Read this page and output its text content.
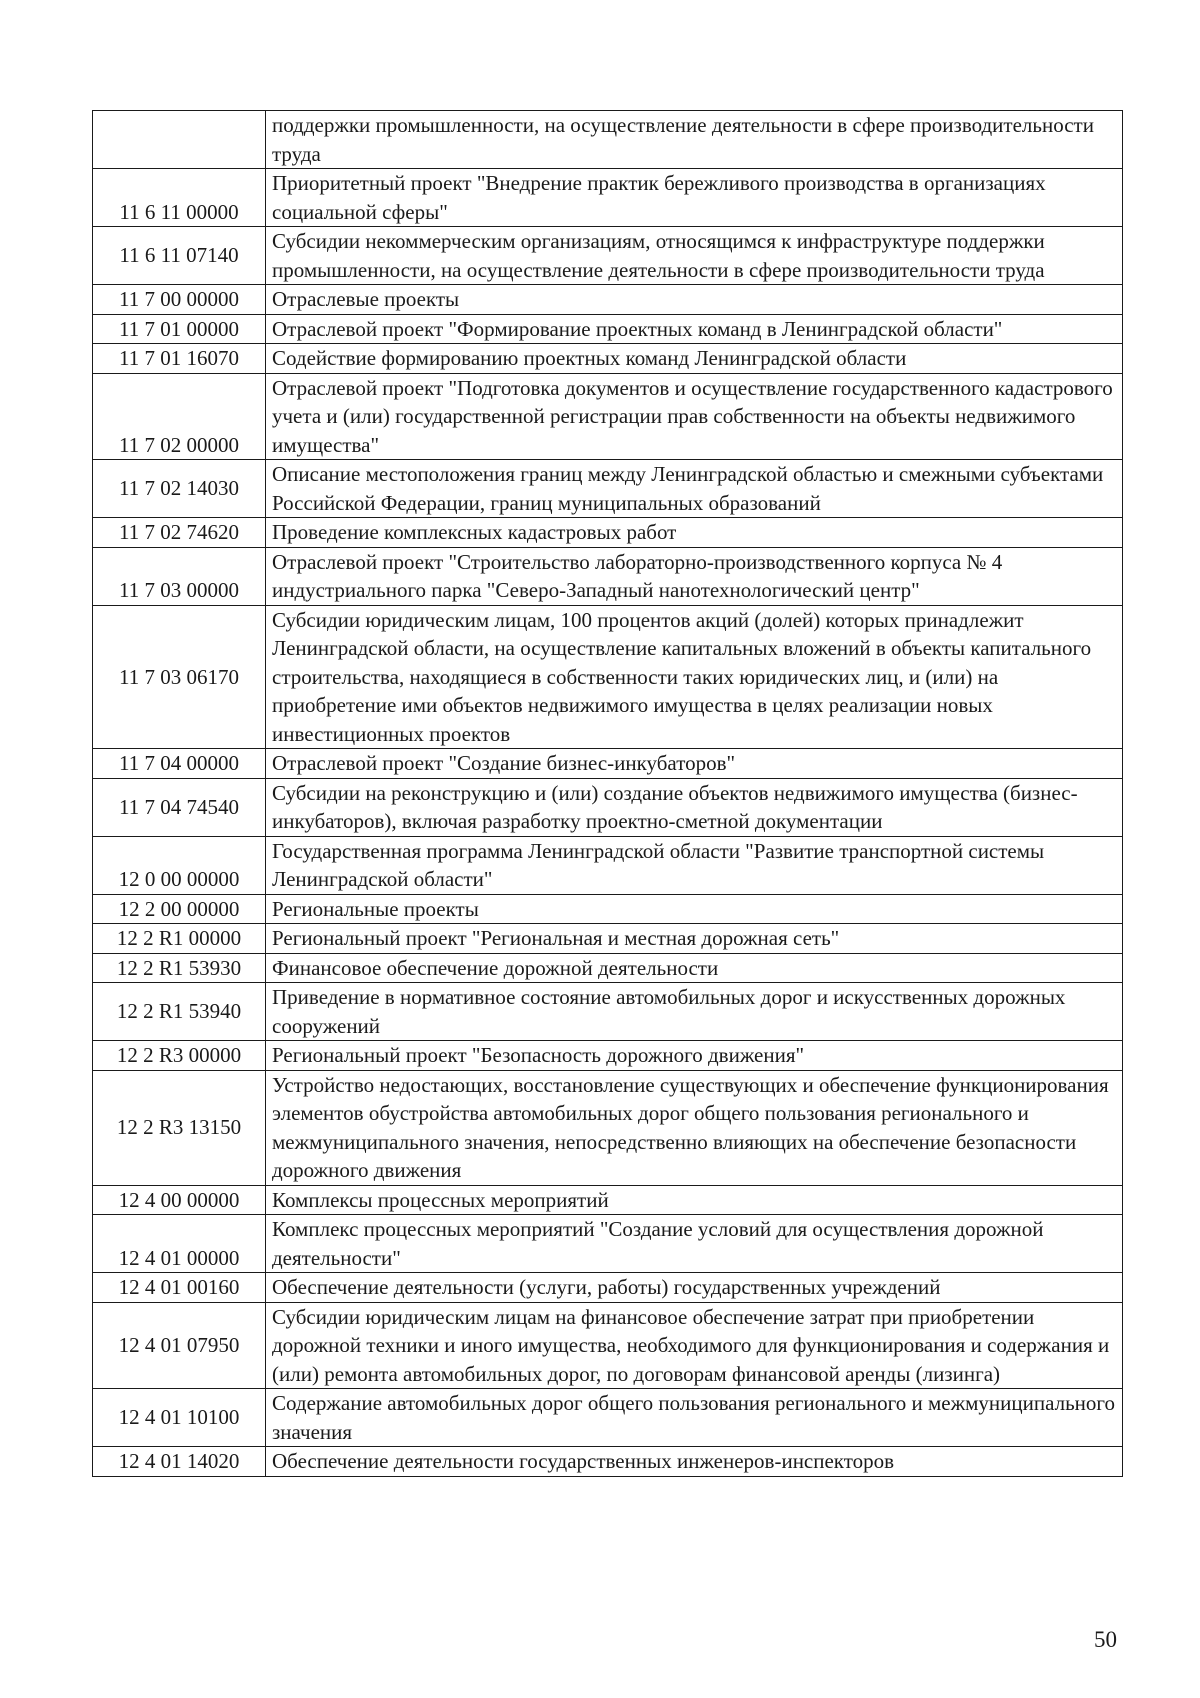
	поддержки промышленности, на осуществление деятельности в сфере производительности труда
11 6 11 00000	Приоритетный проект "Внедрение практик бережливого производства в организациях социальной сферы"
11 6 11 07140	Субсидии некоммерческим организациям, относящимся к инфраструктуре поддержки промышленности, на осуществление деятельности в сфере производительности труда
11 7 00 00000	Отраслевые проекты
11 7 01 00000	Отраслевой проект "Формирование проектных команд в Ленинградской области"
11 7 01 16070	Содействие формированию проектных команд Ленинградской области
11 7 02 00000	Отраслевой проект "Подготовка документов и осуществление государственного кадастрового учета и (или) государственной регистрации прав собственности на объекты недвижимого имущества"
11 7 02 14030	Описание местоположения границ между Ленинградской областью и смежными субъектами Российской Федерации, границ муниципальных образований
11 7 02 74620	Проведение комплексных кадастровых работ
11 7 03 00000	Отраслевой проект "Строительство лабораторно-производственного корпуса № 4 индустриального парка "Северо-Западный нанотехнологический центр"
11 7 03 06170	Субсидии юридическим лицам, 100 процентов акций (долей) которых принадлежит Ленинградской области, на осуществление капитальных вложений в объекты капитального строительства, находящиеся в собственности таких юридических лиц, и (или) на приобретение ими объектов недвижимого имущества в целях реализации новых инвестиционных проектов
11 7 04 00000	Отраслевой проект "Создание бизнес-инкубаторов"
11 7 04 74540	Субсидии на реконструкцию и (или) создание объектов недвижимого имущества (бизнес-инкубаторов), включая разработку проектно-сметной документации
12 0 00 00000	Государственная программа Ленинградской области "Развитие транспортной системы Ленинградской области"
12 2 00 00000	Региональные проекты
12 2 R1 00000	Региональный проект "Региональная и местная дорожная сеть"
12 2 R1 53930	Финансовое обеспечение дорожной деятельности
12 2 R1 53940	Приведение в нормативное состояние автомобильных дорог и искусственных дорожных сооружений
12 2 R3 00000	Региональный проект "Безопасность дорожного движения"
12 2 R3 13150	Устройство недостающих, восстановление существующих и обеспечение функционирования элементов обустройства автомобильных дорог общего пользования регионального и межмуниципального значения, непосредственно влияющих на обеспечение безопасности дорожного движения
12 4 00 00000	Комплексы процессных мероприятий
12 4 01 00000	Комплекс процессных мероприятий "Создание условий для осуществления дорожной деятельности"
12 4 01 00160	Обеспечение деятельности (услуги, работы) государственных учреждений
12 4 01 07950	Субсидии юридическим лицам на финансовое обеспечение затрат при приобретении дорожной техники и иного имущества, необходимого для функционирования и содержания и (или) ремонта автомобильных дорог, по договорам финансовой аренды (лизинга)
12 4 01 10100	Содержание автомобильных дорог общего пользования регионального и межмуниципального значения
12 4 01 14020	Обеспечение деятельности государственных инженеров-инспекторов
50
